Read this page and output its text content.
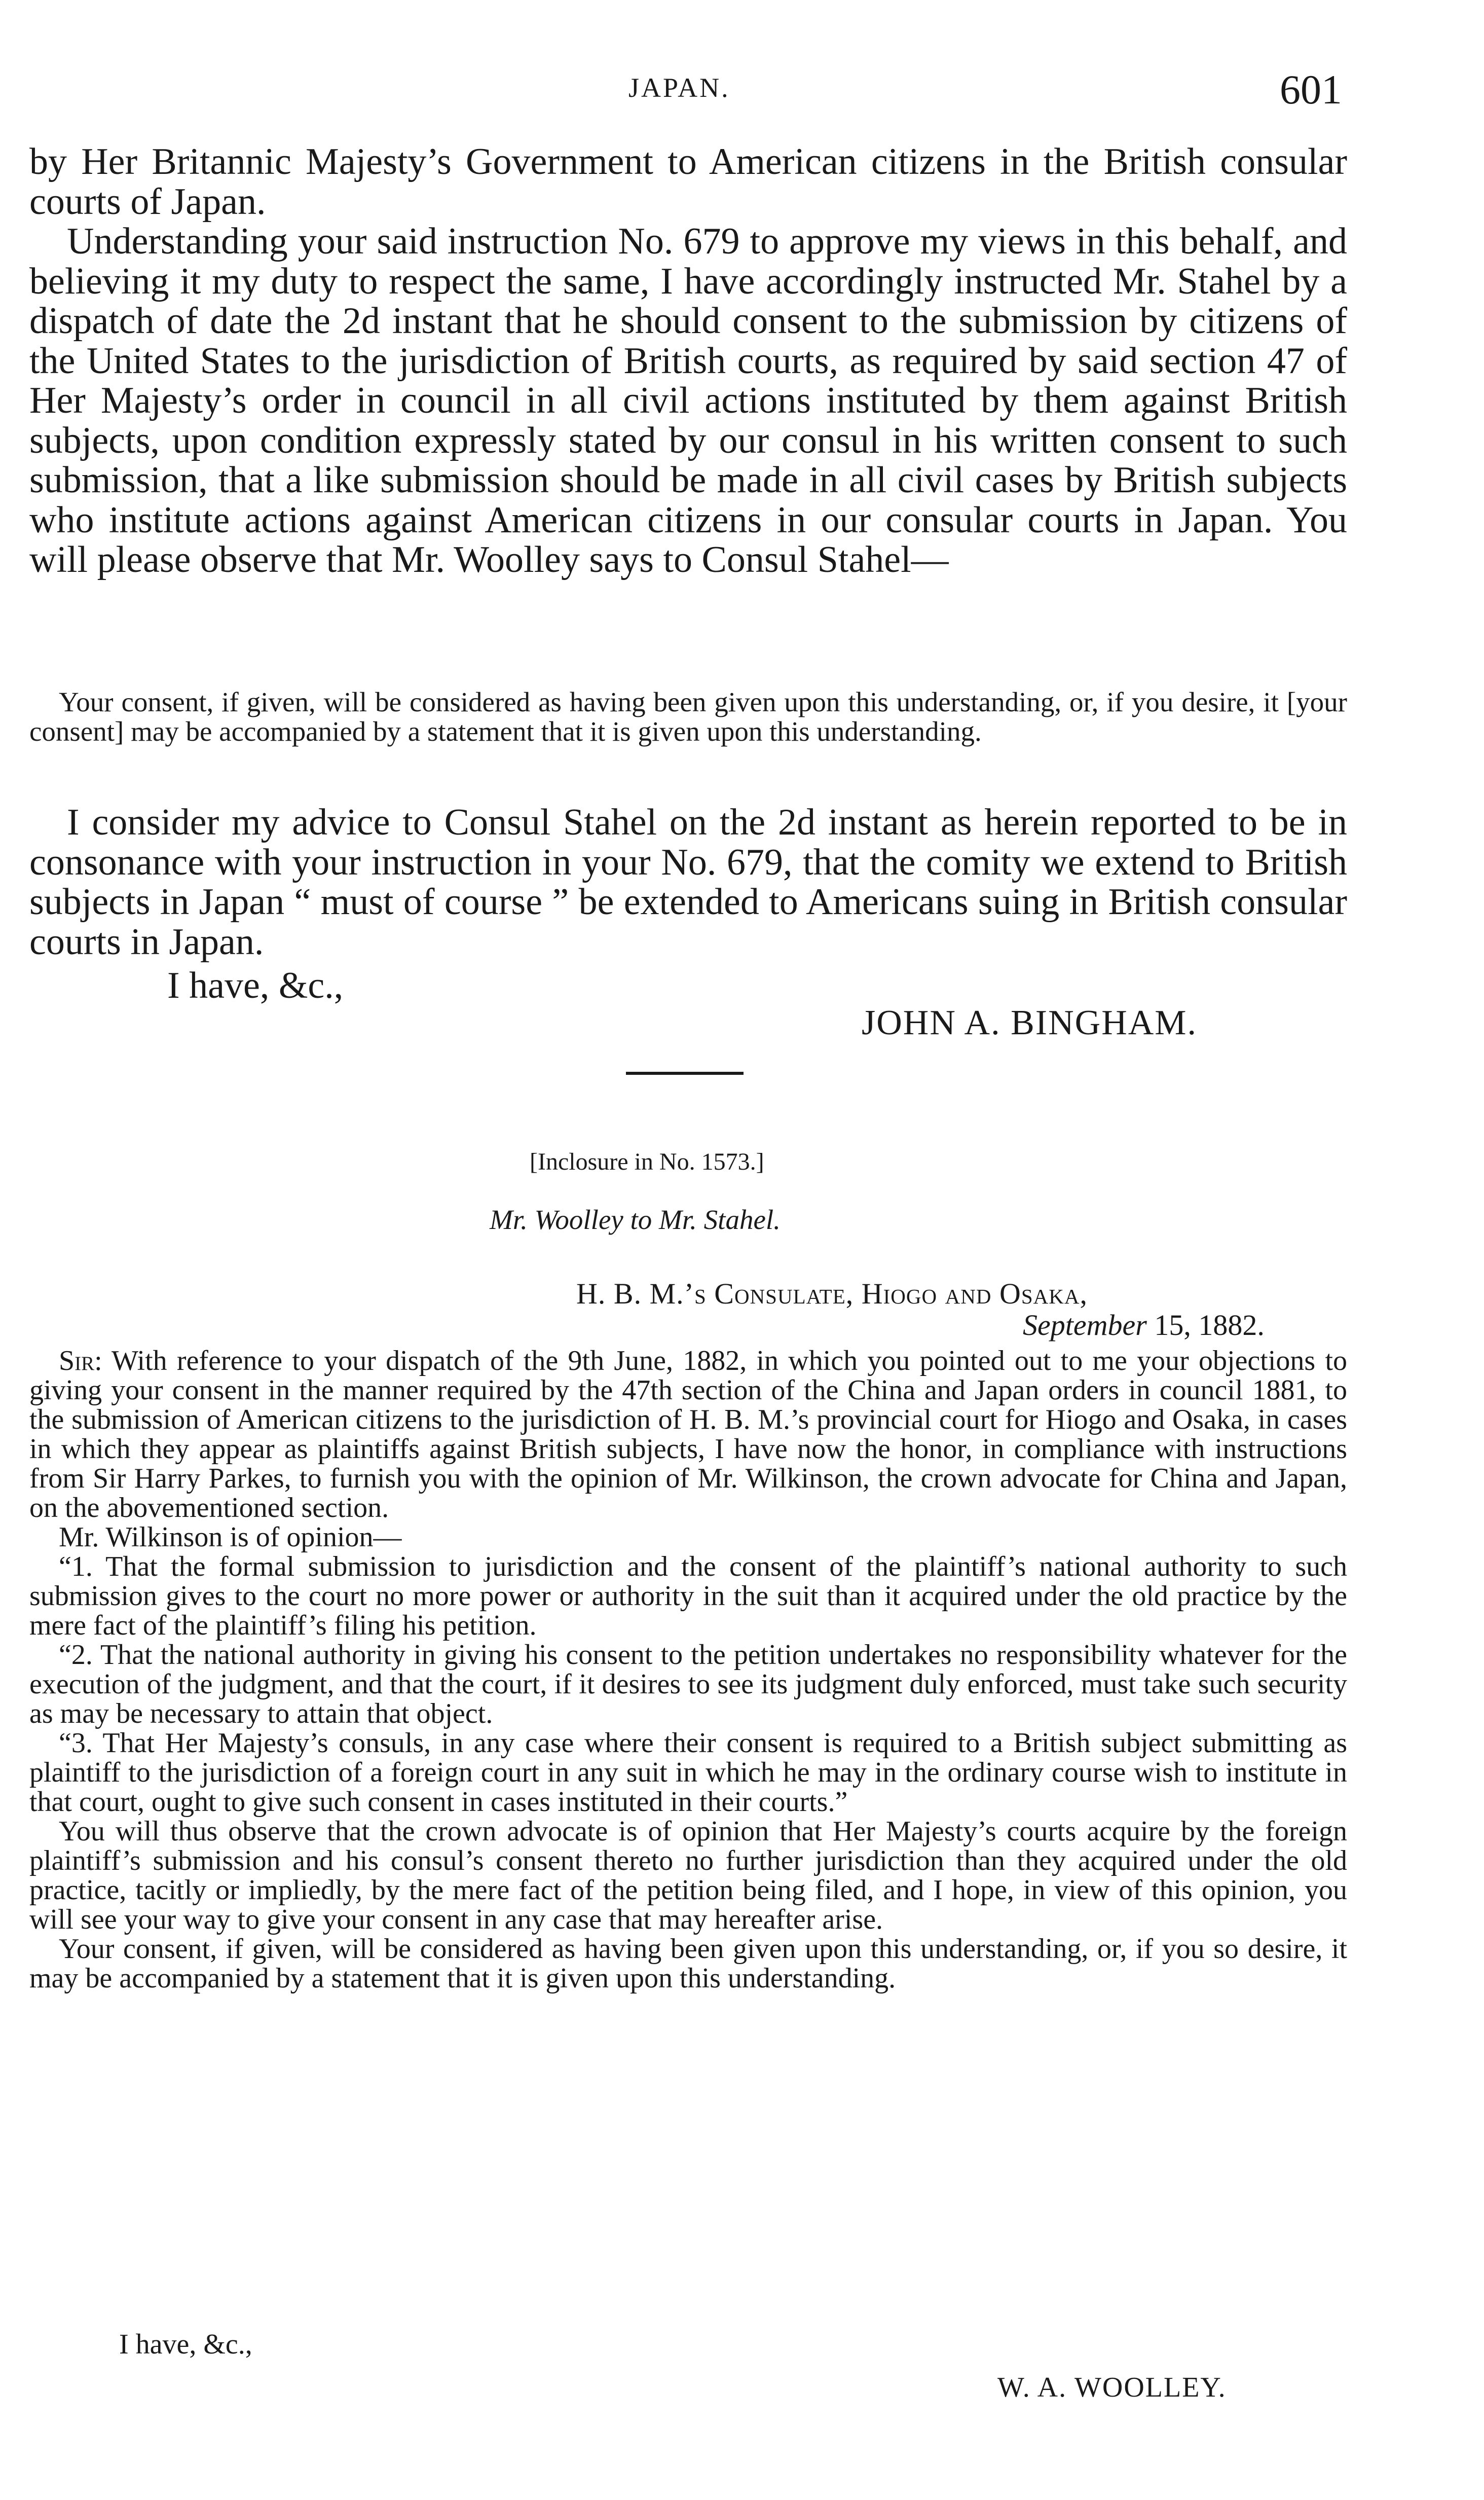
JAPAN.	601

by Her Britannic Majesty’s Government to American citizens in the British consular courts of Japan.

Understanding your said instruction No. 679 to approve my views in this behalf, and believing it my duty to respect the same, I have accordingly instructed Mr. Stahel by a dispatch of date the 2d instant that he should consent to the submission by citizens of the United States to the jurisdiction of British courts, as required by said section 47 of Her Majesty’s order in council in all civil actions instituted by them against British subjects, upon condition expressly stated by our consul in his written consent to such submission, that a like submission should be made in all civil cases by British subjects who institute actions against American citizens in our consular courts in Japan. You will please observe that Mr. Woolley says to Consul Stahel—

Your consent, if given, will be considered as having been given upon this understanding, or, if you desire, it [your consent] may be accompanied by a statement that it is given upon this understanding.

I consider my advice to Consul Stahel on the 2d instant as herein reported to be in consonance with your instruction in your No. 679, that the comity we extend to British subjects in Japan “ must of course ” be extended to Americans suing in British consular courts in Japan.

I have, &c.,
JOHN A. BINGHAM.
[Inclosure in No. 1573.]
Mr. Woolley to Mr. Stahel.
H. B. M.’s Consulate, Hiogo and Osaka,
September 15, 1882.

Sir: With reference to your dispatch of the 9th June, 1882, in which you pointed out to me your objections to giving your consent in the manner required by the 47th section of the China and Japan orders in council 1881, to the submission of American citizens to the jurisdiction of H. B. M.’s provincial court for Hiogo and Osaka, in cases in which they appear as plaintiffs against British subjects, I have now the honor, in compliance with instructions from Sir Harry Parkes, to furnish you with the opinion of Mr. Wilkinson, the crown advocate for China and Japan, on the abovementioned section.

Mr. Wilkinson is of opinion—

“1. That the formal submission to jurisdiction and the consent of the plaintiff’s national authority to such submission gives to the court no more power or authority in the suit than it acquired under the old practice by the mere fact of the plaintiff’s filing his petition.

“2. That the national authority in giving his consent to the petition undertakes no responsibility whatever for the execution of the judgment, and that the court, if it desires to see its judgment duly enforced, must take such security as may be necessary to attain that object.

“3. That Her Majesty’s consuls, in any case where their consent is required to a British subject submitting as plaintiff to the jurisdiction of a foreign court in any suit in which he may in the ordinary course wish to institute in that court, ought to give such consent in cases instituted in their courts.”

You will thus observe that the crown advocate is of opinion that Her Majesty’s courts acquire by the foreign plaintiff’s submission and his consul’s consent thereto no further jurisdiction than they acquired under the old practice, tacitly or impliedly, by the mere fact of the petition being filed, and I hope, in view of this opinion, you will see your way to give your consent in any case that may hereafter arise.

Your consent, if given, will be considered as having been given upon this understanding, or, if you so desire, it may be accompanied by a statement that it is given upon this understanding.

I have, &c.,
W. A. WOOLLEY.
